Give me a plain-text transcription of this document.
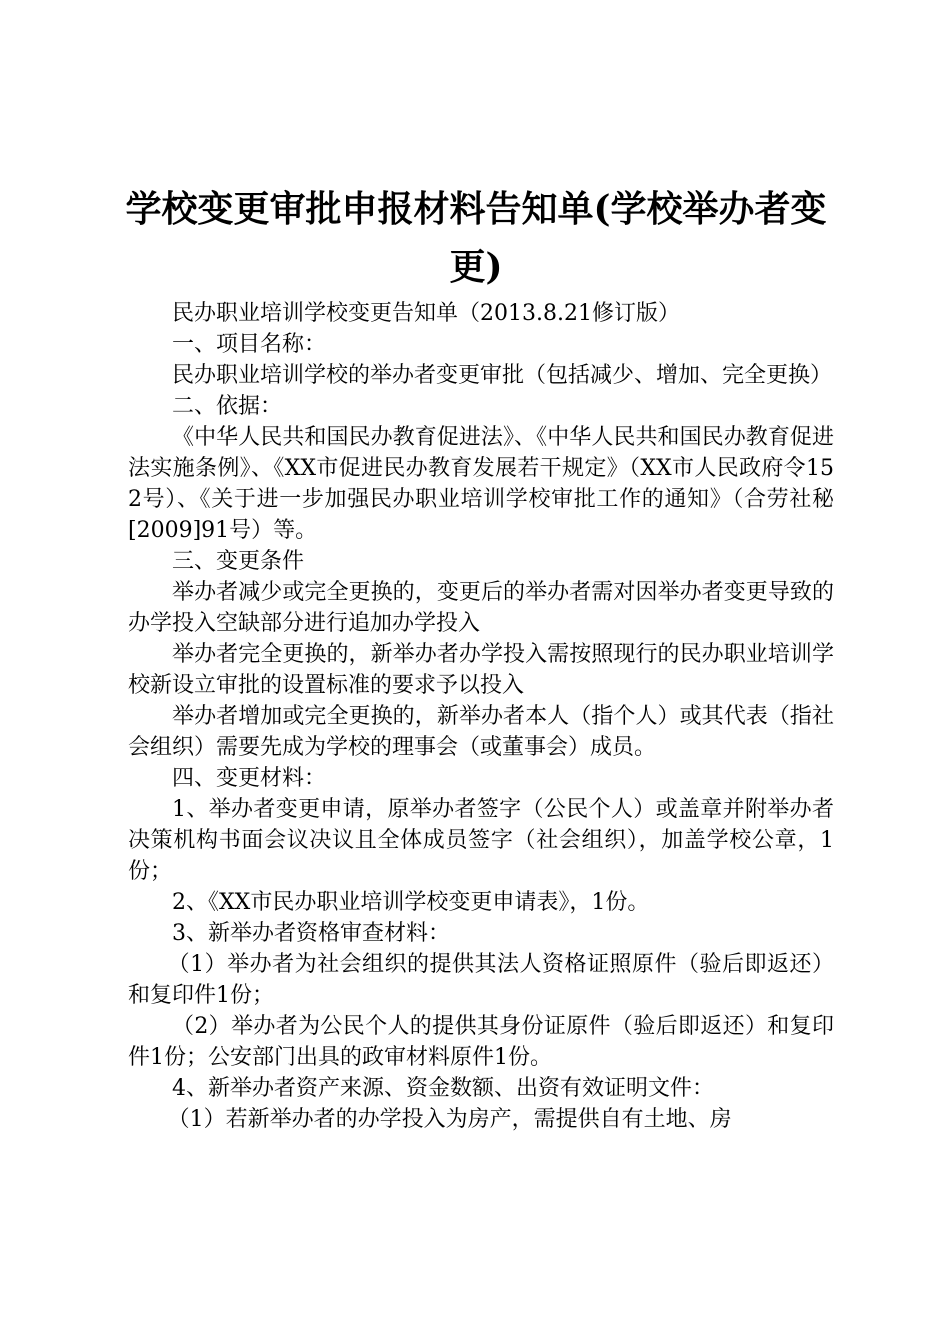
学校变更审批申报材料告知单(学校举办者变更)

民办职业培训学校变更告知单（2013.8.21修订版）

一、项目名称：

民办职业培训学校的举办者变更审批（包括减少、增加、完全更换）

二、依据：

《中华人民共和国民办教育促进法》、《中华人民共和国民办教育促进法实施条例》、《XX市促进民办教育发展若干规定》（XX市人民政府令152号）、《关于进一步加强民办职业培训学校审批工作的通知》（合劳社秘[2009]91号）等。

三、变更条件

举办者减少或完全更换的，变更后的举办者需对因举办者变更导致的办学投入空缺部分进行追加办学投入

举办者完全更换的，新举办者办学投入需按照现行的民办职业培训学校新设立审批的设置标准的要求予以投入

举办者增加或完全更换的，新举办者本人（指个人）或其代表（指社会组织）需要先成为学校的理事会（或董事会）成员。

四、变更材料：

1、举办者变更申请，原举办者签字（公民个人）或盖章并附举办者决策机构书面会议决议且全体成员签字（社会组织），加盖学校公章，1份；

2、《XX市民办职业培训学校变更申请表》，1份。

3、新举办者资格审查材料：

（1）举办者为社会组织的提供其法人资格证照原件（验后即返还）和复印件1份；

（2）举办者为公民个人的提供其身份证原件（验后即返还）和复印件1份；公安部门出具的政审材料原件1份。

4、新举办者资产来源、资金数额、出资有效证明文件：

（1）若新举办者的办学投入为房产，需提供自有土地、房
